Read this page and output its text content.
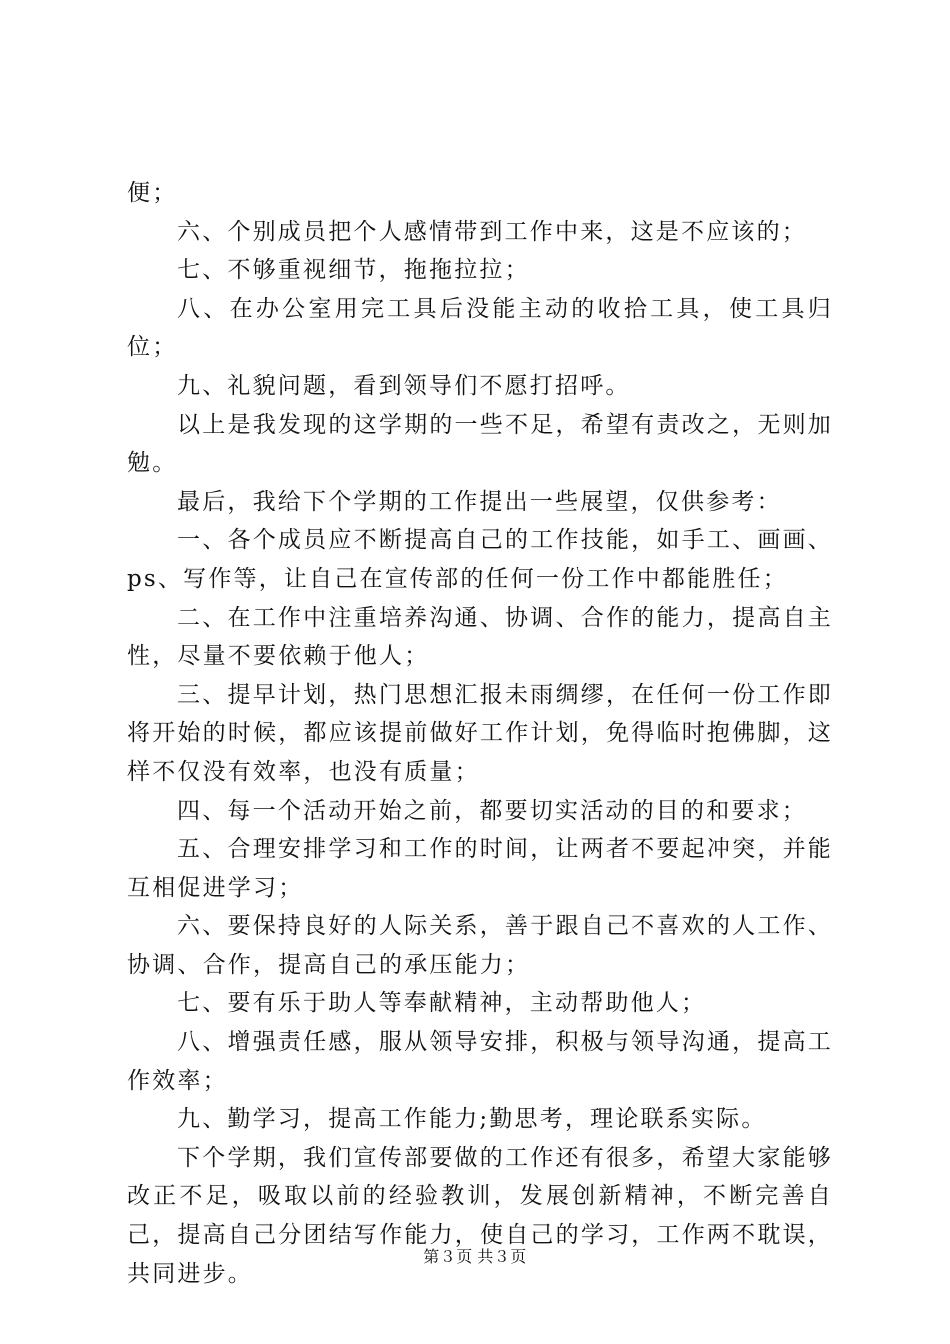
便；

六、个别成员把个人感情带到工作中来，这是不应该的；

七、不够重视细节，拖拖拉拉；

八、在办公室用完工具后没能主动的收拾工具，使工具归位；

九、礼貌问题，看到领导们不愿打招呼。

以上是我发现的这学期的一些不足，希望有责改之，无则加勉。

最后，我给下个学期的工作提出一些展望，仅供参考：

一、各个成员应不断提高自己的工作技能，如手工、画画、ps、写作等，让自己在宣传部的任何一份工作中都能胜任；

二、在工作中注重培养沟通、协调、合作的能力，提高自主性，尽量不要依赖于他人；

三、提早计划，热门思想汇报未雨绸缪，在任何一份工作即将开始的时候，都应该提前做好工作计划，免得临时抱佛脚，这样不仅没有效率，也没有质量；

四、每一个活动开始之前，都要切实活动的目的和要求；

五、合理安排学习和工作的时间，让两者不要起冲突，并能互相促进学习；

六、要保持良好的人际关系，善于跟自己不喜欢的人工作、协调、合作，提高自己的承压能力；

七、要有乐于助人等奉献精神，主动帮助他人；

八、增强责任感，服从领导安排，积极与领导沟通，提高工作效率；

九、勤学习，提高工作能力;勤思考，理论联系实际。

下个学期，我们宣传部要做的工作还有很多，希望大家能够改正不足，吸取以前的经验教训，发展创新精神，不断完善自己，提高自己分团结写作能力，使自己的学习，工作两不耽误，共同进步。

第３页 共３页
